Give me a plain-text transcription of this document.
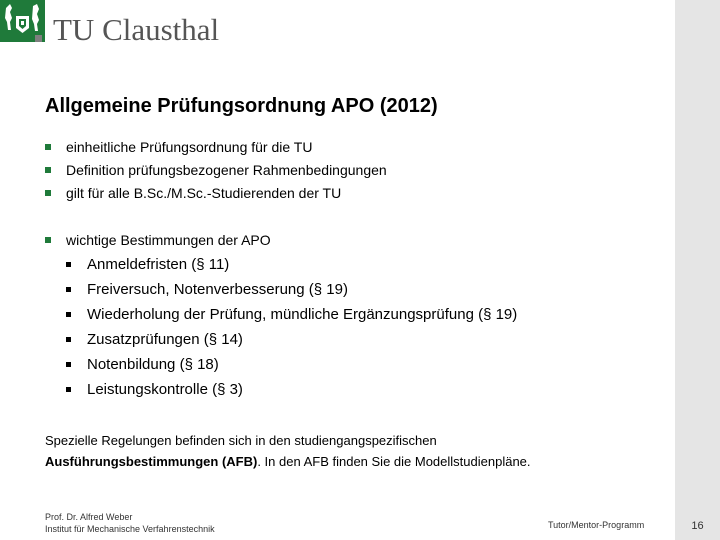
16
TU Clausthal
Allgemeine Prüfungsordnung APO (2012)
einheitliche Prüfungsordnung für die TU
Definition prüfungsbezogener Rahmenbedingungen
gilt für alle B.Sc./M.Sc.-Studierenden der TU
wichtige Bestimmungen der APO
Anmeldefristen (§ 11)
Freiversuch, Notenverbesserung (§ 19)
Wiederholung der Prüfung, mündliche Ergänzungsprüfung (§ 19)
Zusatzprüfungen (§ 14)
Notenbildung (§ 18)
Leistungskontrolle (§ 3)
Spezielle Regelungen befinden sich in den studiengangspezifischen
Ausführungsbestimmungen (AFB). In den AFB finden Sie die Modellstudienpläne.
Prof. Dr. Alfred Weber
Institut für Mechanische Verfahrenstechnik	Tutor/Mentor-Programm
